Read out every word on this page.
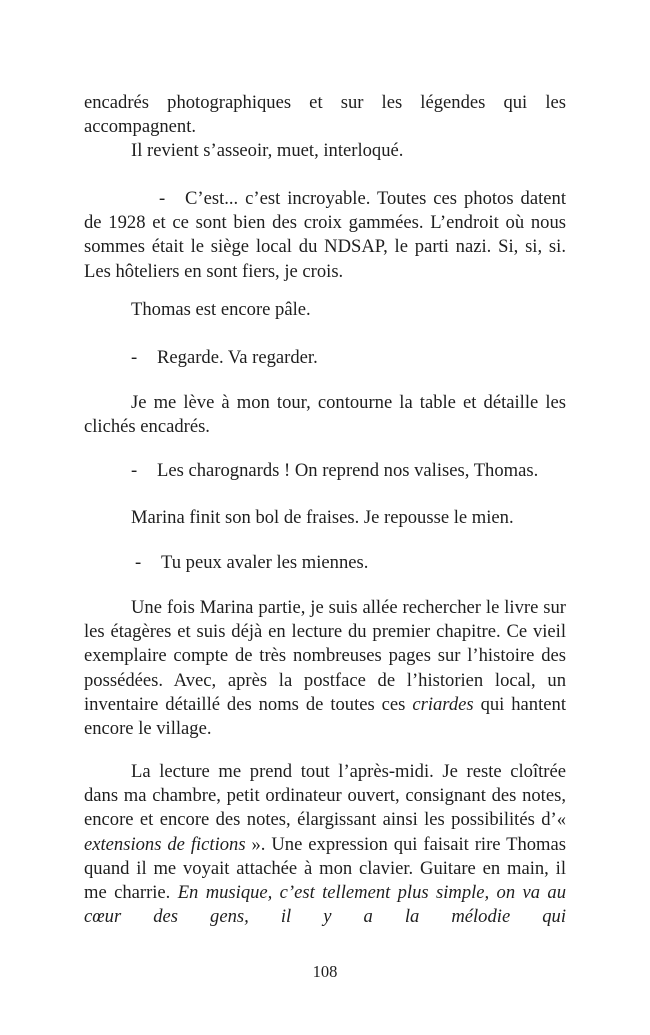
encadrés photographiques et sur les légendes qui les

accompagnent.

Il revient s’asseoir, muet, interloqué.

- C’est... c’est incroyable. Toutes ces photos datent de 1928 et ce sont bien des croix gammées. L’endroit où nous sommes était le siège local du NDSAP, le parti nazi. Si, si, si. Les hôteliers en sont fiers, je crois.

Thomas est encore pâle.

- Regarde. Va regarder.

Je me lève à mon tour, contourne la table et détaille les clichés encadrés.

- Les charognards ! On reprend nos valises, Thomas.

Marina finit son bol de fraises. Je repousse le mien.

- Tu peux avaler les miennes.

Une fois Marina partie, je suis allée rechercher le livre sur les étagères et suis déjà en lecture du premier chapitre. Ce vieil exemplaire compte de très nombreuses pages sur l’histoire des possédées. Avec, après la postface de l’historien local, un inventaire détaillé des noms de toutes ces criardes qui hantent encore le village.

La lecture me prend tout l’après-midi. Je reste cloîtrée dans ma chambre, petit ordinateur ouvert, consignant des notes, encore et encore des notes, élargissant ainsi les possibilités d’« extensions de fictions ». Une expression qui faisait rire Thomas quand il me voyait attachée à mon clavier. Guitare en main, il me charrie. En musique, c’est tellement plus simple, on va au cœur des gens, il y a la mélodie qui

108
